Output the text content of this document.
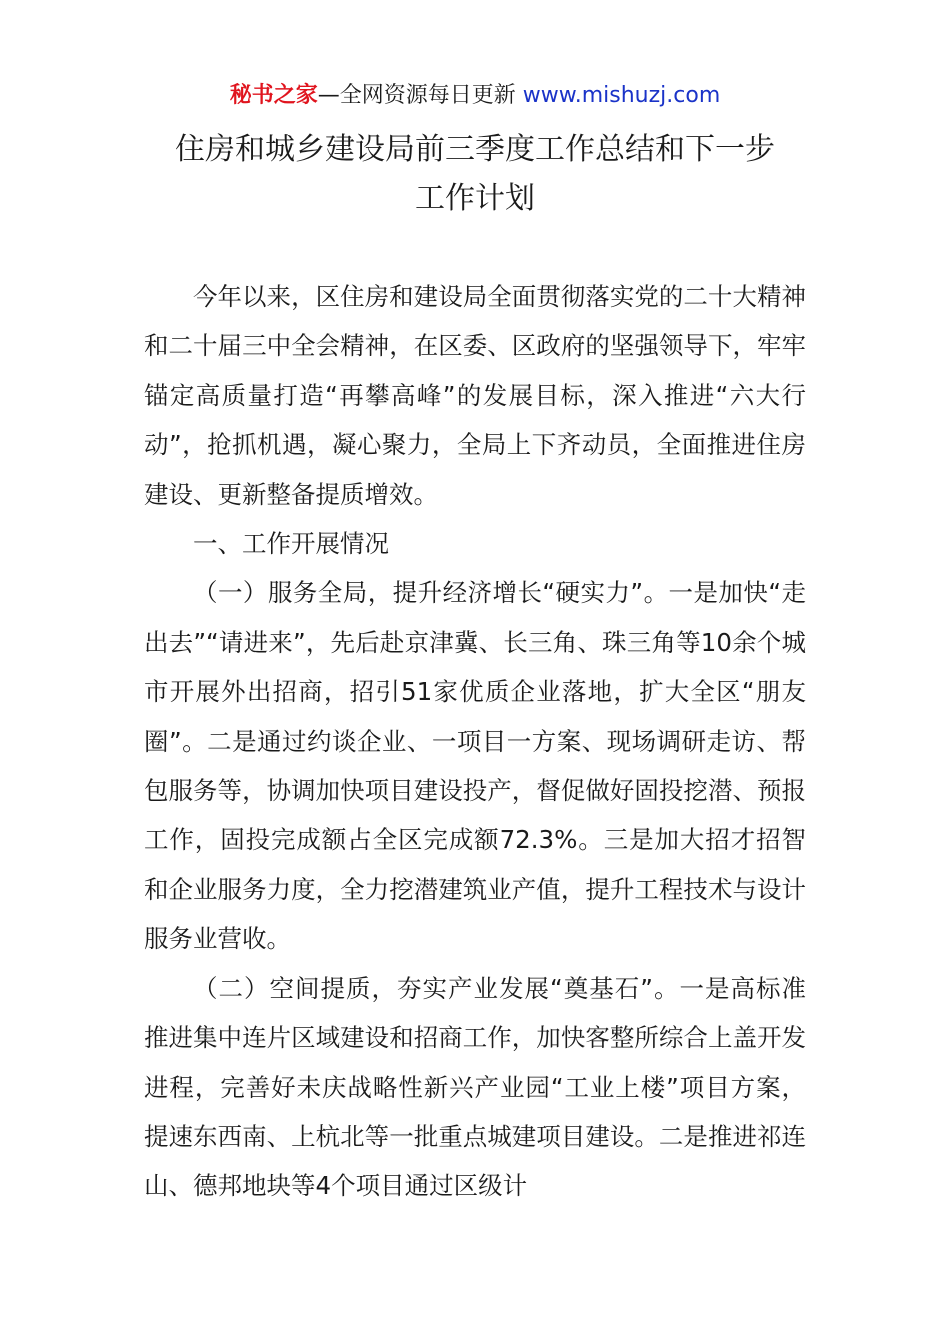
秘书之家—全网资源每日更新 www.mishuzj.com
住房和城乡建设局前三季度工作总结和下一步
工作计划

今年以来，区住房和建设局全面贯彻落实党的二十大精神和二十届三中全会精神，在区委、区政府的坚强领导下，牢牢锚定高质量打造“再攀高峰”的发展目标，深入推进“六大行动”，抢抓机遇，凝心聚力，全局上下齐动员，全面推进住房建设、更新整备提质增效。

一、工作开展情况

（一）服务全局，提升经济增长“硬实力”。一是加快“走出去”“请进来”，先后赴京津冀、长三角、珠三角等10余个城市开展外出招商，招引51家优质企业落地，扩大全区“朋友圈”。二是通过约谈企业、一项目一方案、现场调研走访、帮包服务等，协调加快项目建设投产，督促做好固投挖潜、预报工作，固投完成额占全区完成额72.3%。三是加大招才招智和企业服务力度，全力挖潜建筑业产值，提升工程技术与设计服务业营收。

（二）空间提质，夯实产业发展“奠基石”。一是高标准推进集中连片区域建设和招商工作，加快客整所综合上盖开发进程，完善好未庆战略性新兴产业园“工业上楼”项目方案，提速东西南、上杭北等一批重点城建项目建设。二是推进祁连山、德邦地块等4个项目通过区级计
